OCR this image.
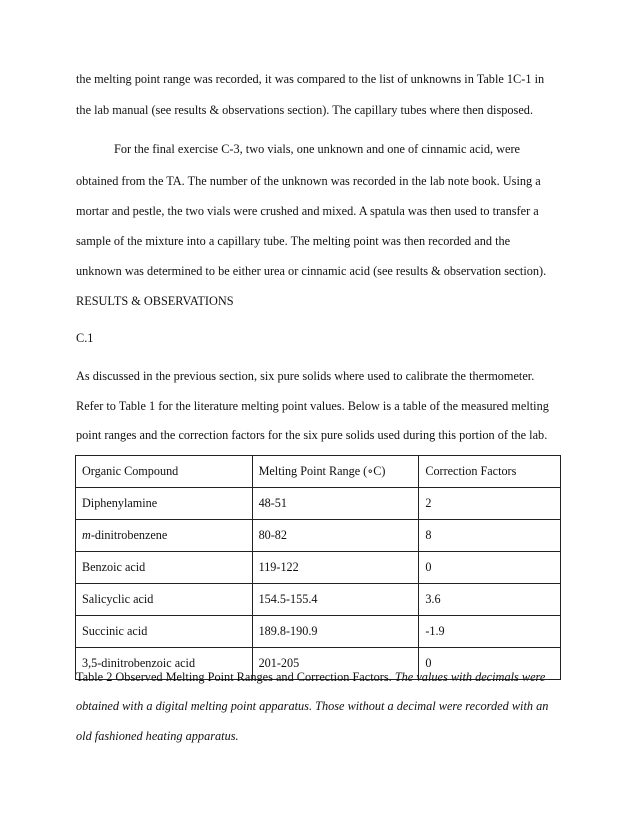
the melting point range was recorded, it was compared to the list of unknowns in Table 1C-1 in
the lab manual (see results & observations section). The capillary tubes where then disposed.
For the final exercise C-3, two vials, one unknown and one of cinnamic acid, were
obtained from the TA. The number of the unknown was recorded in the lab note book. Using a
mortar and pestle, the two vials were crushed and mixed. A spatula was then used to transfer a
sample of the mixture into a capillary tube. The melting point was then recorded and the
unknown was determined to be either urea or cinnamic acid (see results & observation section).
RESULTS & OBSERVATIONS
C.1
As discussed in the previous section, six pure solids where used to calibrate the thermometer.
Refer to Table 1 for the literature melting point values. Below is a table of the measured melting
point ranges and the correction factors for the six pure solids used during this portion of the lab.
Organic Compound	Melting Point Range (∘C)	Correction Factors
Diphenylamine	48-51	2
m-dinitrobenzene	80-82	8
Benzoic acid	119-122	0
Salicyclic acid	154.5-155.4	3.6
Succinic acid	189.8-190.9	-1.9
3,5-dinitrobenzoic acid	201-205	0
Table 2 Observed Melting Point Ranges and Correction Factors. The values with decimals were
obtained with a digital melting point apparatus. Those without a decimal were recorded with an
old fashioned heating apparatus.
